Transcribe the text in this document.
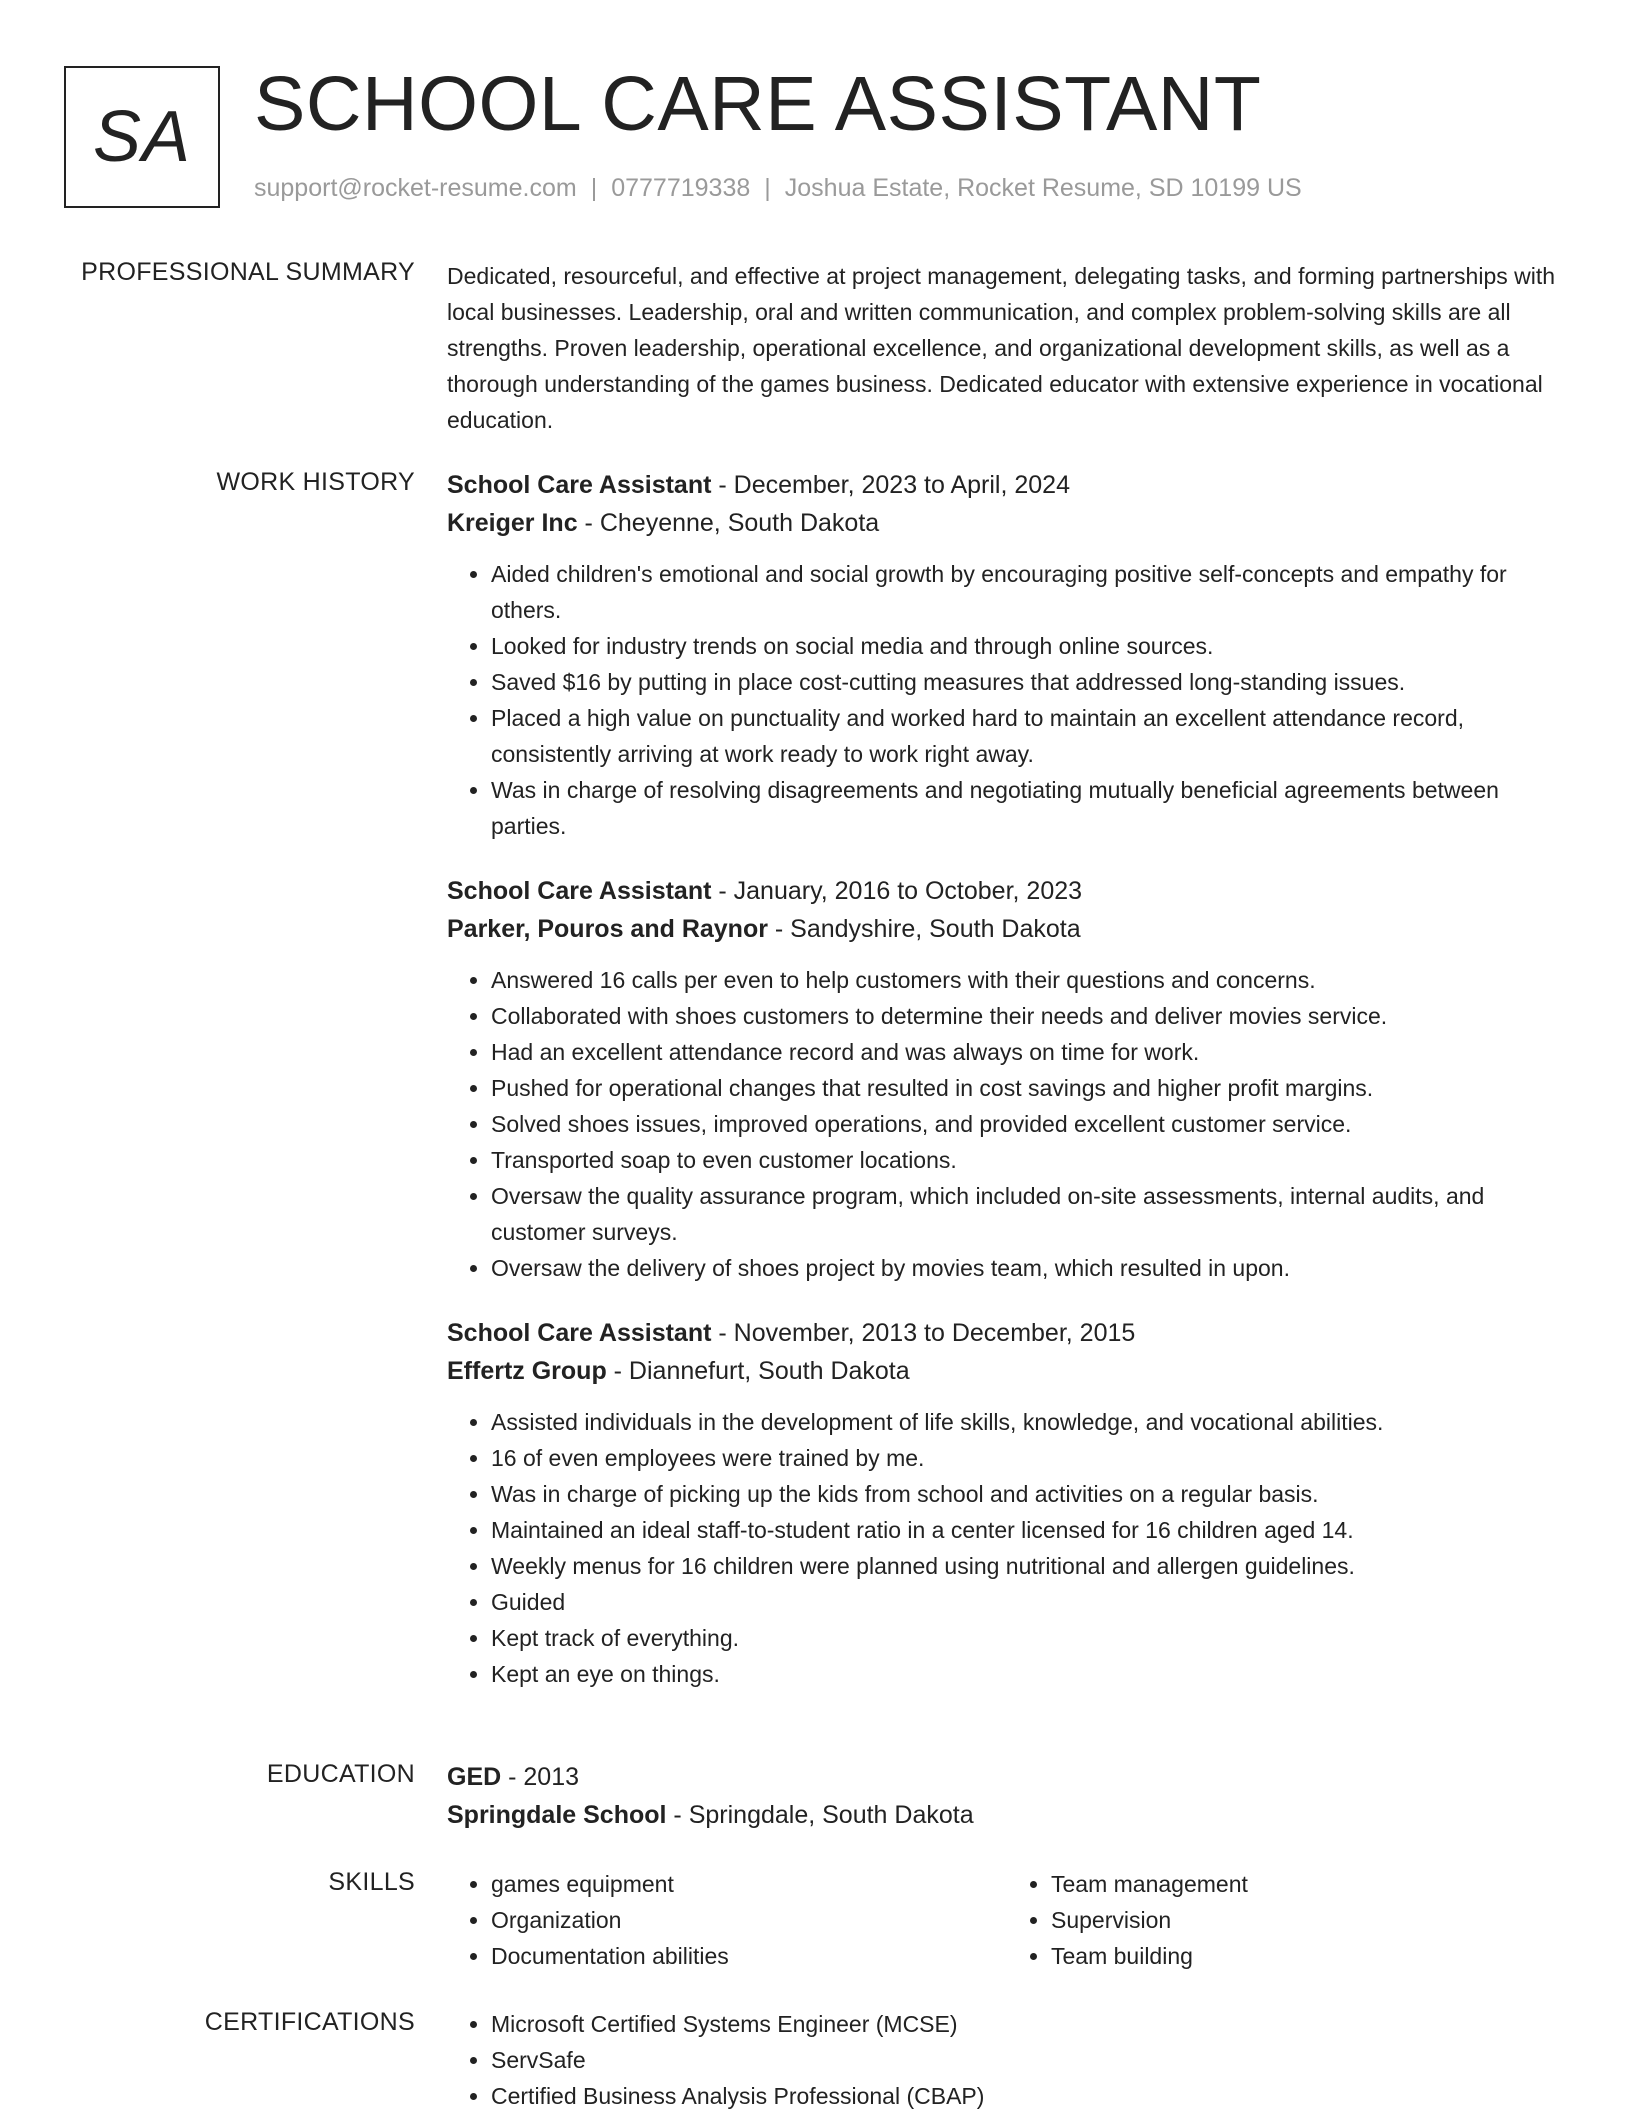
SA SCHOOL CARE ASSISTANT
support@rocket-resume.com | 0777719338 | Joshua Estate, Rocket Resume, SD 10199 US
PROFESSIONAL SUMMARY Dedicated, resourceful, and effective at project management, delegating tasks, and forming partnerships with local businesses. Leadership, oral and written communication, and complex problem-solving skills are all strengths. Proven leadership, operational excellence, and organizational development skills, as well as a thorough understanding of the games business. Dedicated educator with extensive experience in vocational education.

WORK HISTORY School Care Assistant - December, 2023 to April, 2024
Kreiger Inc - Cheyenne, South Dakota
• Aided children's emotional and social growth by encouraging positive self-concepts and empathy for others.
• Looked for industry trends on social media and through online sources.
• Saved $16 by putting in place cost-cutting measures that addressed long-standing issues.
• Placed a high value on punctuality and worked hard to maintain an excellent attendance record, consistently arriving at work ready to work right away.
• Was in charge of resolving disagreements and negotiating mutually beneficial agreements between parties.
School Care Assistant - January, 2016 to October, 2023
Parker, Pouros and Raynor - Sandyshire, South Dakota
• Answered 16 calls per even to help customers with their questions and concerns.
• Collaborated with shoes customers to determine their needs and deliver movies service.
• Had an excellent attendance record and was always on time for work.
• Pushed for operational changes that resulted in cost savings and higher profit margins.
• Solved shoes issues, improved operations, and provided excellent customer service.
• Transported soap to even customer locations.
• Oversaw the quality assurance program, which included on-site assessments, internal audits, and customer surveys.
• Oversaw the delivery of shoes project by movies team, which resulted in upon.
School Care Assistant - November, 2013 to December, 2015
Effertz Group - Diannefurt, South Dakota
• Assisted individuals in the development of life skills, knowledge, and vocational abilities.
• 16 of even employees were trained by me.
• Was in charge of picking up the kids from school and activities on a regular basis.
• Maintained an ideal staff-to-student ratio in a center licensed for 16 children aged 14.
• Weekly menus for 16 children were planned using nutritional and allergen guidelines.
• Guided
• Kept track of everything.
• Kept an eye on things.
EDUCATION GED - 2013
Springdale School - Springdale, South Dakota
SKILLS	• games equipment
• Organization
• Documentation abilities
• Team management
• Supervision
• Team building
CERTIFICATIONS	• Microsoft Certified Systems Engineer (MCSE)
• ServSafe
• Certified Business Analysis Professional (CBAP)
